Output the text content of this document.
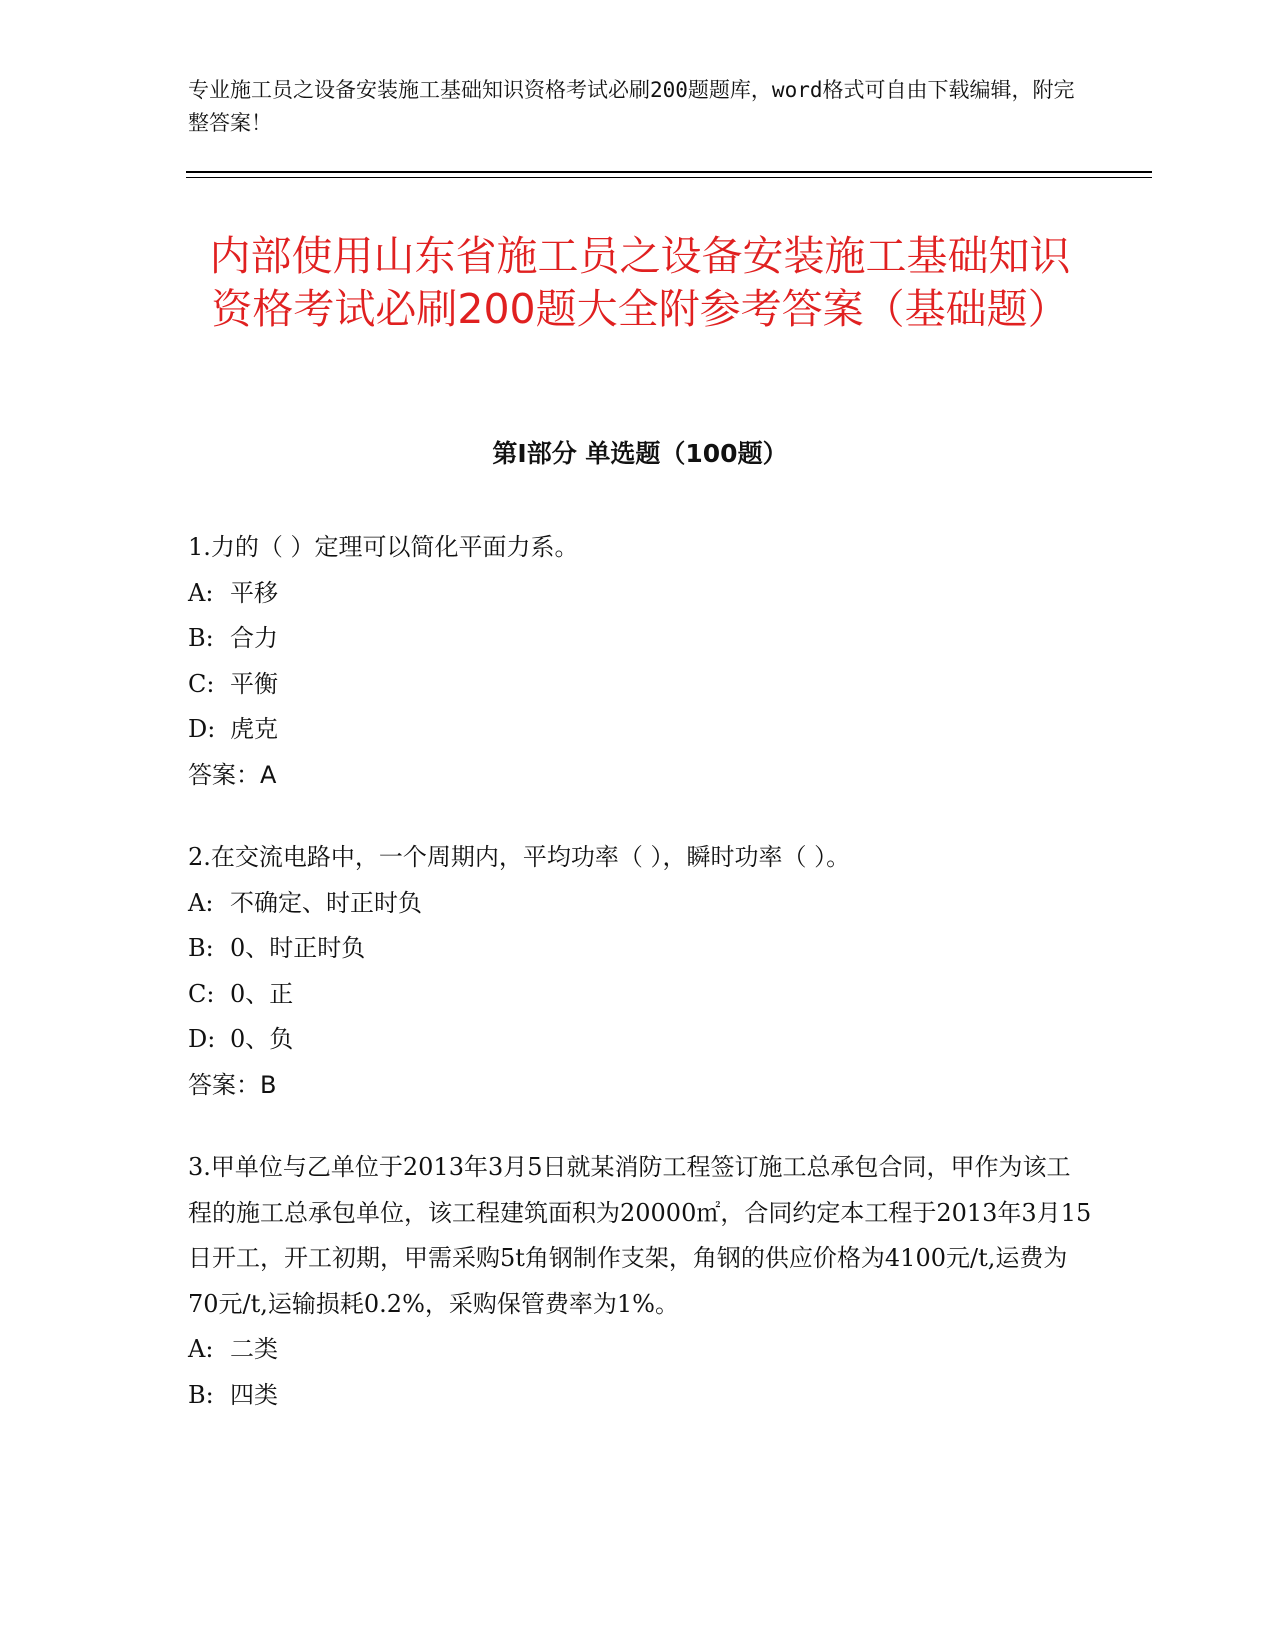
专业施工员之设备安装施工基础知识资格考试必刷200题题库，word格式可自由下载编辑，附完整答案！
内部使用山东省施工员之设备安装施工基础知识资格考试必刷200题大全附参考答案（基础题）
第Ⅰ部分 单选题（100题）

1.力的（ ）定理可以简化平面力系。

A: 平移
B: 合力
C: 平衡
D: 虎克
答案：A

2.在交流电路中，一个周期内，平均功率（ ），瞬时功率（ ）。

A: 不确定、时正时负
B: 0、时正时负
C: 0、正
D: 0、负
答案：B

3.甲单位与乙单位于2013年3月5日就某消防工程签订施工总承包合同，甲作为该工程的施工总承包单位，该工程建筑面积为20000㎡，合同约定本工程于2013年3月15日开工，开工初期，甲需采购5t角钢制作支架，角钢的供应价格为4100元/t,运费为70元/t,运输损耗0.2%，采购保管费率为1%。

A: 二类
B: 四类
